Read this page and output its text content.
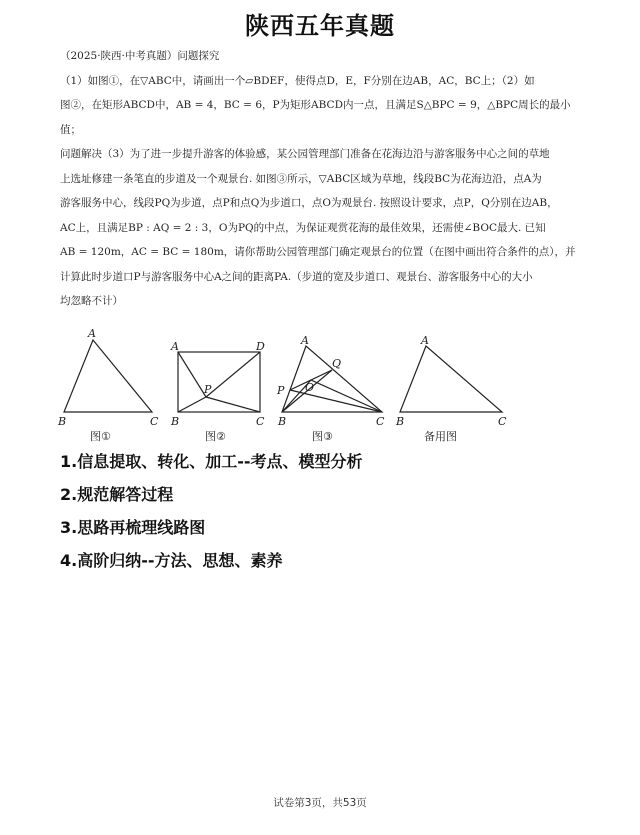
陕西五年真题

（2025·陕西·中考真题）问题探究

（1）如图①，在▽ABC中，请画出一个▱BDEF，使得点D，E，F分别在边AB，AC，BC上；（2）如

图②，在矩形ABCD中，AB = 4，BC = 6，P为矩形ABCD内一点，且满足S△BPC = 9，△BPC周长的最小

值；

问题解决（3）为了进一步提升游客的体验感，某公园管理部门准备在花海边沿与游客服务中心之间的草地

上选址修建一条笔直的步道及一个观景台. 如图③所示，▽ABC区域为草地，线段BC为花海边沿，点A为

游客服务中心，线段PQ为步道，点P和点Q为步道口，点O为观景台. 按照设计要求，点P，Q分别在边AB，

AC上，且满足BP : AQ = 2 : 3，O为PQ的中点，为保证观赏花海的最佳效果，还需使∠BOC最大. 已知

AB = 120m，AC = BC = 180m，请你帮助公园管理部门确定观景台的位置（在图中画出符合条件的点），并

计算此时步道口P与游客服务中心A之间的距离PA.（步道的宽及步道口、观景台、游客服务中心的大小

均忽略不计）

A
B	C
A	D
B	C
P
A
Q
O
P
B	C
A
B	C
图①	图②	图③	备用图
1.信息提取、转化、加工--考点、模型分析
2.规范解答过程
3.思路再梳理线路图
4.高阶归纳--方法、思想、素养
试卷第3页，共53页
